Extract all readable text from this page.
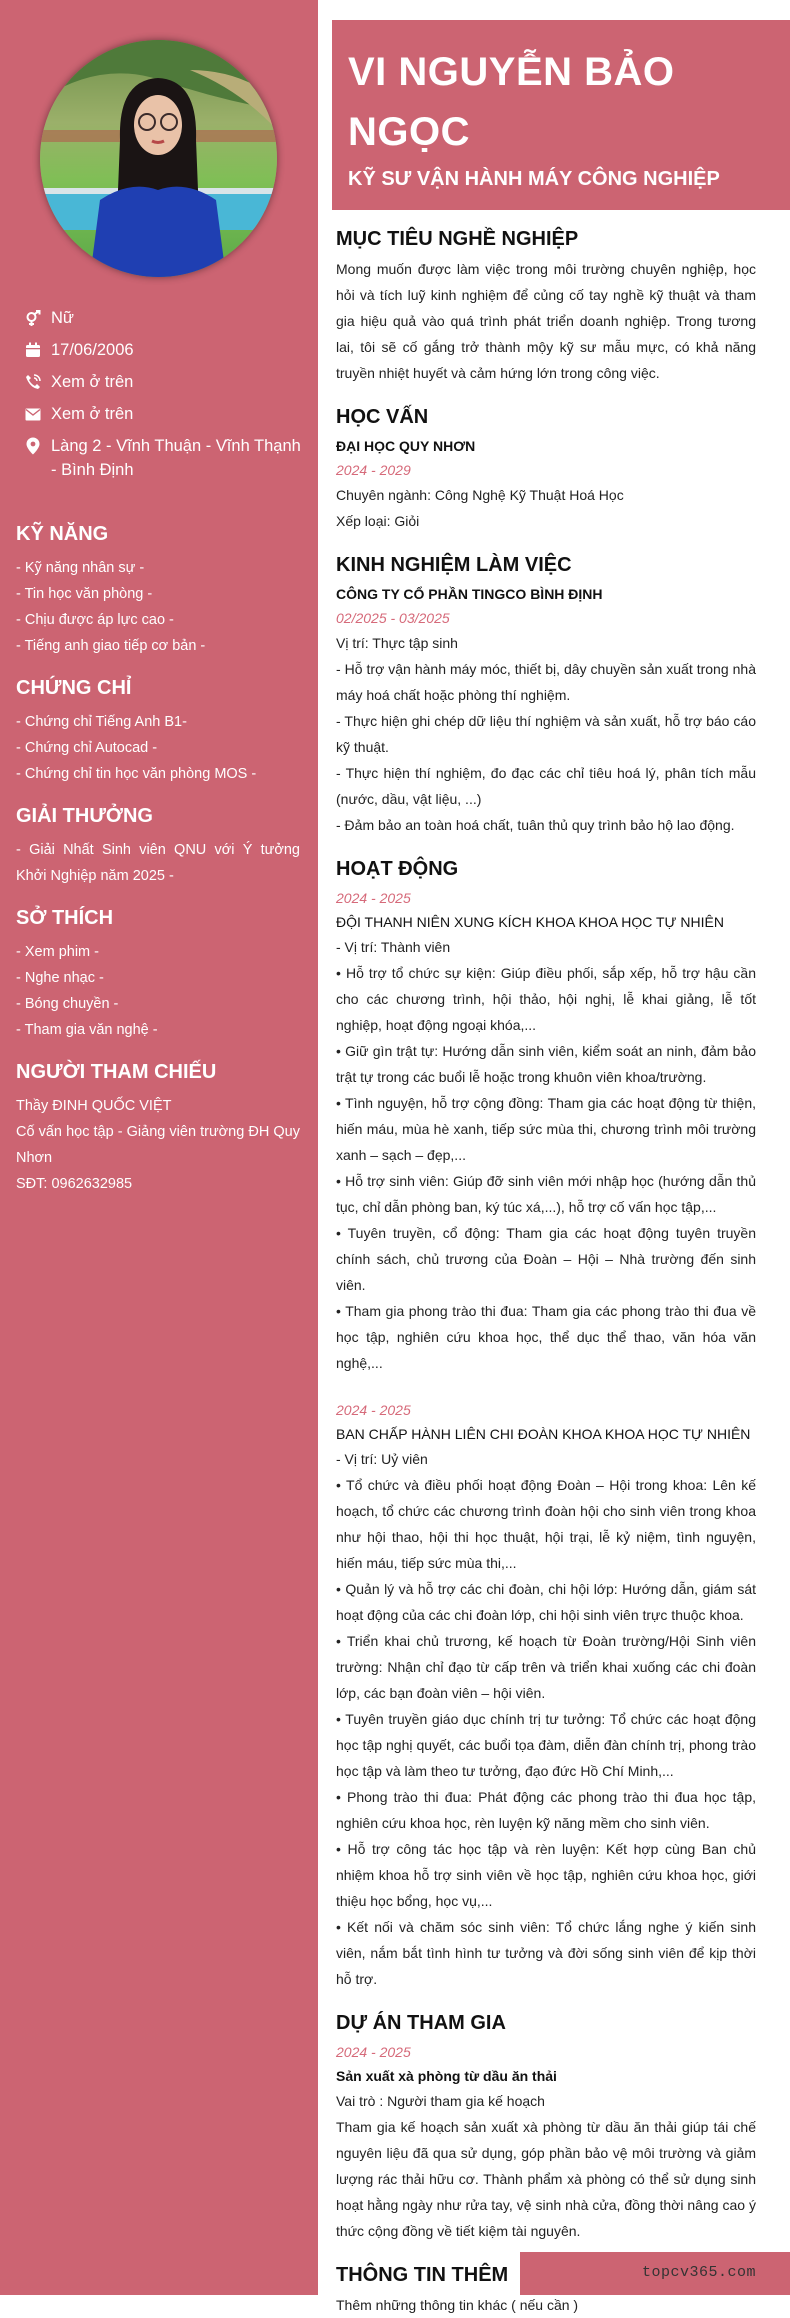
Nữ
17/06/2006
Xem ở trên
Xem ở trên
Làng 2 - Vĩnh Thuận - Vĩnh Thạnh - Bình Định
KỸ NĂNG
- Kỹ năng nhân sự -
- Tin học văn phòng -
- Chịu được áp lực cao -
- Tiếng anh giao tiếp cơ bản -
CHỨNG CHỈ
- Chứng chỉ Tiếng Anh B1-
- Chứng chỉ Autocad -
- Chứng chỉ tin học văn phòng MOS -
GIẢI THƯỞNG
- Giải Nhất Sinh viên QNU với Ý tưởng Khởi Nghiệp năm 2025 -
SỞ THÍCH
- Xem phim -
- Nghe nhạc -
- Bóng chuyền -
- Tham gia văn nghệ -
NGƯỜI THAM CHIẾU
Thầy ĐINH QUỐC VIỆT
Cố vấn học tập - Giảng viên trường ĐH Quy Nhơn
SĐT: 0962632985
VI NGUYỄN BẢO
NGỌC
KỸ SƯ VẬN HÀNH MÁY CÔNG NGHIỆP
MỤC TIÊU NGHỀ NGHIỆP
Mong muốn được làm việc trong môi trường chuyên nghiệp, học hỏi và tích luỹ kinh nghiệm để củng cố tay nghề kỹ thuật và tham gia hiệu quả vào quá trình phát triển doanh nghiệp. Trong tương lai, tôi sẽ cố gắng trở thành mộy kỹ sư mẫu mực, có khả năng truyền nhiệt huyết và cảm hứng lớn trong công việc.
HỌC VẤN
ĐẠI HỌC QUY NHƠN
2024 - 2029
Chuyên ngành: Công Nghệ Kỹ Thuật Hoá Học
Xếp loại: Giỏi
KINH NGHIỆM LÀM VIỆC
CÔNG TY CỔ PHẦN TINGCO BÌNH ĐỊNH
02/2025 - 03/2025
Vị trí: Thực tập sinh
- Hỗ trợ vận hành máy móc, thiết bị, dây chuyền sản xuất trong nhà máy hoá chất hoặc phòng thí nghiệm.
- Thực hiện ghi chép dữ liệu thí nghiệm và sản xuất, hỗ trợ báo cáo kỹ thuật.
- Thực hiện thí nghiệm, đo đạc các chỉ tiêu hoá lý, phân tích mẫu (nước, dầu, vật liệu, ...)
- Đảm bảo an toàn hoá chất, tuân thủ quy trình bảo hộ lao động.
HOẠT ĐỘNG
2024 - 2025
ĐỘI THANH NIÊN XUNG KÍCH KHOA KHOA HỌC TỰ NHIÊN
- Vị trí: Thành viên
• Hỗ trợ tổ chức sự kiện: Giúp điều phối, sắp xếp, hỗ trợ hậu cần cho các chương trình, hội thảo, hội nghị, lễ khai giảng, lễ tốt nghiệp, hoạt động ngoại khóa,...
• Giữ gìn trật tự: Hướng dẫn sinh viên, kiểm soát an ninh, đảm bảo trật tự trong các buổi lễ hoặc trong khuôn viên khoa/trường.
• Tình nguyện, hỗ trợ cộng đồng: Tham gia các hoạt động từ thiện, hiến máu, mùa hè xanh, tiếp sức mùa thi, chương trình môi trường xanh – sạch – đẹp,...
• Hỗ trợ sinh viên: Giúp đỡ sinh viên mới nhập học (hướng dẫn thủ tục, chỉ dẫn phòng ban, ký túc xá,...), hỗ trợ cố vấn học tập,...
• Tuyên truyền, cổ động: Tham gia các hoạt động tuyên truyền chính sách, chủ trương của Đoàn – Hội – Nhà trường đến sinh viên.
• Tham gia phong trào thi đua: Tham gia các phong trào thi đua về học tập, nghiên cứu khoa học, thể dục thể thao, văn hóa văn nghệ,...
2024 - 2025
BAN CHẤP HÀNH LIÊN CHI ĐOÀN KHOA KHOA HỌC TỰ NHIÊN
- Vị trí: Uỷ viên
• Tổ chức và điều phối hoạt động Đoàn – Hội trong khoa: Lên kế hoạch, tổ chức các chương trình đoàn hội cho sinh viên trong khoa như hội thao, hội thi học thuật, hội trại, lễ kỷ niệm, tình nguyện, hiến máu, tiếp sức mùa thi,...
• Quản lý và hỗ trợ các chi đoàn, chi hội lớp: Hướng dẫn, giám sát hoạt động của các chi đoàn lớp, chi hội sinh viên trực thuộc khoa.
• Triển khai chủ trương, kế hoạch từ Đoàn trường/Hội Sinh viên trường: Nhận chỉ đạo từ cấp trên và triển khai xuống các chi đoàn lớp, các bạn đoàn viên – hội viên.
• Tuyên truyền giáo dục chính trị tư tưởng: Tổ chức các hoạt động học tập nghị quyết, các buổi tọa đàm, diễn đàn chính trị, phong trào học tập và làm theo tư tưởng, đạo đức Hồ Chí Minh,...
• Phong trào thi đua: Phát động các phong trào thi đua học tập, nghiên cứu khoa học, rèn luyện kỹ năng mềm cho sinh viên.
• Hỗ trợ công tác học tập và rèn luyện: Kết hợp cùng Ban chủ nhiệm khoa hỗ trợ sinh viên về học tập, nghiên cứu khoa học, giới thiệu học bổng, học vụ,...
• Kết nối và chăm sóc sinh viên: Tổ chức lắng nghe ý kiến sinh viên, nắm bắt tình hình tư tưởng và đời sống sinh viên để kịp thời hỗ trợ.
DỰ ÁN THAM GIA
2024 - 2025
Sản xuất xà phòng từ dầu ăn thải
Vai trò : Người tham gia kế hoạch
Tham gia kế hoạch sản xuất xà phòng từ dầu ăn thải giúp tái chế nguyên liệu đã qua sử dụng, góp phần bảo vệ môi trường và giảm lượng rác thải hữu cơ. Thành phẩm xà phòng có thể sử dụng sinh hoạt hằng ngày như rửa tay, vệ sinh nhà cửa, đồng thời nâng cao ý thức cộng đồng về tiết kiệm tài nguyên.
THÔNG TIN THÊM
Thêm những thông tin khác ( nếu cần )
topcv365.com
